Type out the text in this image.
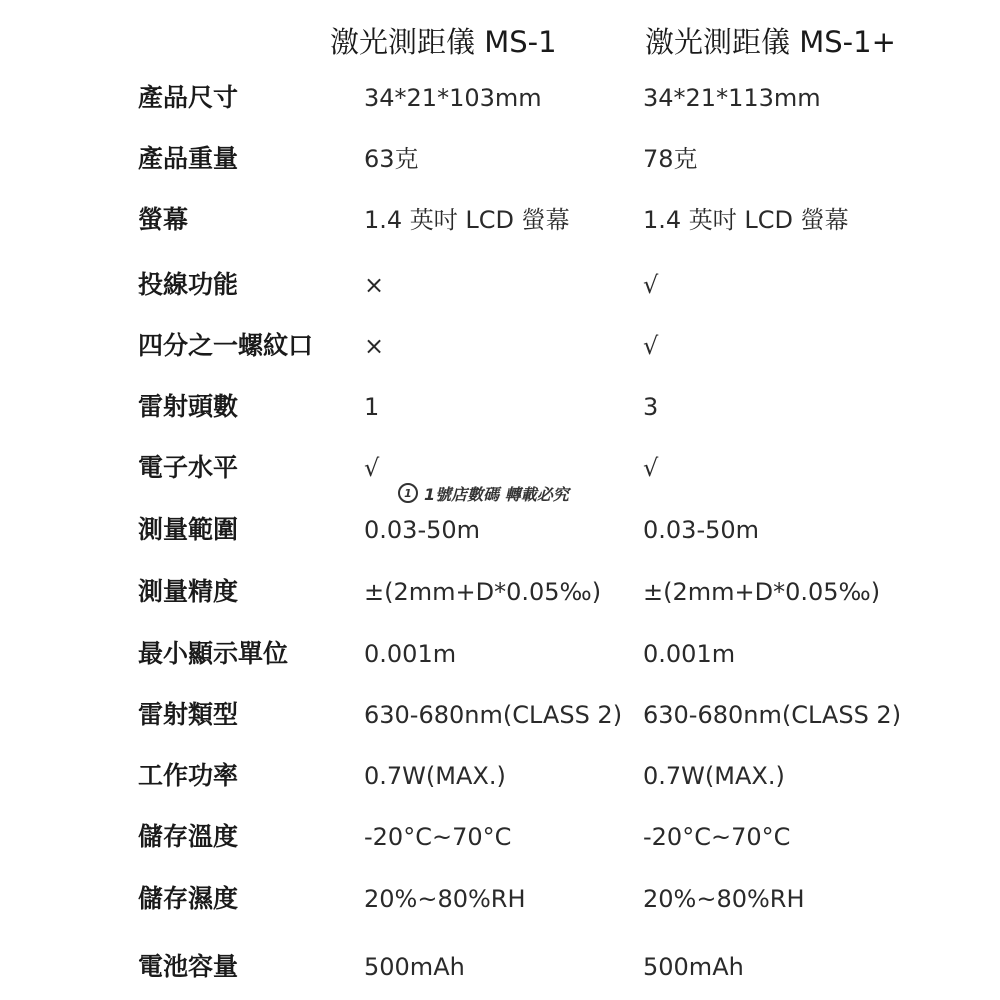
激光測距儀 MS-1	激光測距儀 MS-1+
產品尺寸	34*21*103mm	34*21*113mm
產品重量	63克	78克
螢幕	1.4 英吋 LCD 螢幕	1.4 英吋 LCD 螢幕
投線功能	×	√
四分之一螺紋口 ×	√
雷射頭數	1	3
電子水平	√	√
測量範圍	0.03-50m	0.03-50m
測量精度	±(2mm+D*0.05‰) ±(2mm+D*0.05‰)
最小顯示單位	0.001m	0.001m
雷射類型	630-680nm(CLASS 2) 630-680nm(CLASS 2)
工作功率	0.7W(MAX.)	0.7W(MAX.)
儲存溫度	-20°C~70°C	-20°C~70°C
儲存濕度	20%~80%RH	20%~80%RH
電池容量	500mAh	500mAh
1 1號店數碼 轉載必究
